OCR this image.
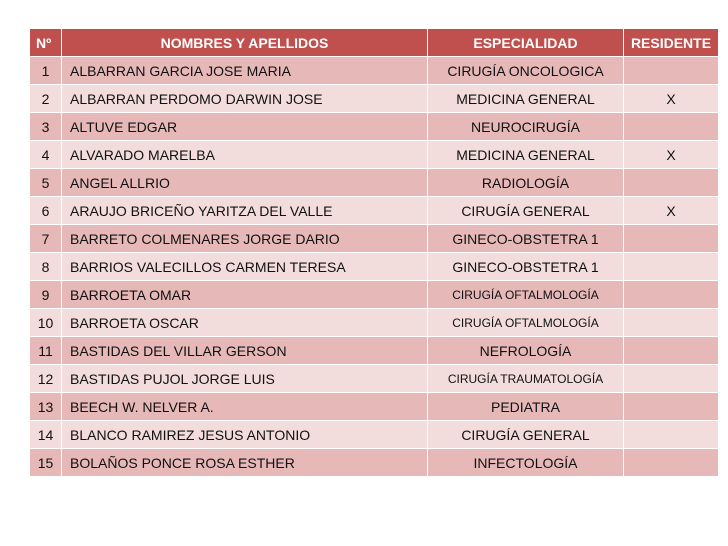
Nº	NOMBRES Y APELLIDOS	ESPECIALIDAD	RESIDENTE
1	ALBARRAN GARCIA JOSE MARIA	CIRUGÍA ONCOLOGICA	
2	ALBARRAN PERDOMO DARWIN JOSE	MEDICINA GENERAL	X
3	ALTUVE EDGAR	NEUROCIRUGÍA	
4	ALVARADO MARELBA	MEDICINA GENERAL	X
5	ANGEL ALLRIO	RADIOLOGÍA	
6	ARAUJO BRICEÑO YARITZA DEL VALLE	CIRUGÍA GENERAL	X
7	BARRETO COLMENARES JORGE DARIO	GINECO-OBSTETRA 1	
8	BARRIOS VALECILLOS CARMEN TERESA	GINECO-OBSTETRA 1	
9	BARROETA OMAR	CIRUGÍA OFTALMOLOGÍA	
10	BARROETA OSCAR	CIRUGÍA OFTALMOLOGÍA	
11	BASTIDAS DEL VILLAR GERSON	NEFROLOGÍA	
12	BASTIDAS PUJOL JORGE LUIS	CIRUGÍA TRAUMATOLOGÍA	
13	BEECH W. NELVER A.	PEDIATRA	
14	BLANCO RAMIREZ JESUS ANTONIO	CIRUGÍA GENERAL	
15	BOLAÑOS PONCE ROSA ESTHER	INFECTOLOGÍA	
